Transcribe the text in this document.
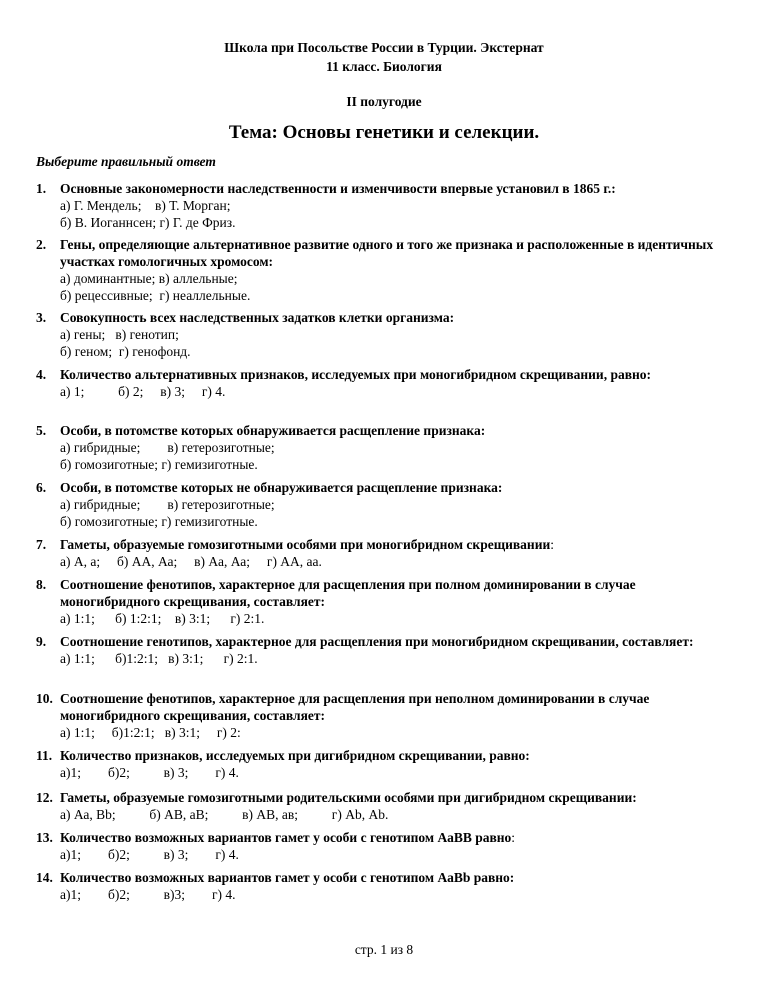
Школа при Посольстве России в Турции. Экстернат
11 класс. Биология
II полугодие
Тема: Основы генетики и селекции.
Выберите правильный ответ
1. Основные закономерности наследственности и изменчивости впервые установил в 1865 г.:
а) Г. Мендель;    в) Т. Морган;
б) В. Иоганнсен; г) Г. де Фриз.
2. Гены, определяющие альтернативное развитие одного и того же признака и расположенные в идентичных участках гомологичных хромосом:
а) доминантные; в) аллельные;
б) рецессивные;  г) неаллельные.
3. Совокупность всех наследственных задатков клетки организма:
а) гены;   в) генотип;
б) геном;  г) генофонд.
4. Количество альтернативных признаков, исследуемых при моногибридном скрещивании, равно:
а) 1;          б) 2;     в) 3;     г) 4.
5. Особи, в потомстве которых обнаруживается расщепление признака:
а) гибридные;        в) гетерозиготные;
б) гомозиготные; г) гемизиготные.
6. Особи, в потомстве которых не обнаруживается расщепление признака:
а) гибридные;        в) гетерозиготные;
б) гомозиготные; г) гемизиготные.
7. Гаметы, образуемые гомозиготными особями при моногибридном скрещивании:
а) А, а;     б) АА, Аа;     в) Аа, Аа;     г) АА, аа.
8. Соотношение фенотипов, характерное для расщепления при полном доминировании в случае моногибридного скрещивания, составляет:
а) 1:1;      б) 1:2:1;    в) 3:1;      г) 2:1.
9. Соотношение генотипов, характерное для расщепления при моногибридном скрещивании, составляет:
а) 1:1;      б)1:2:1;   в) 3:1;      г) 2:1.
10. Соотношение фенотипов, характерное для расщепления при неполном доминировании в случае моногибридного скрещивания, составляет:
а) 1:1;     б)1:2:1;   в) 3:1;     г) 2:
11. Количество признаков, исследуемых при дигибридном скрещивании, равно:
а)1;        б)2;          в) 3;        г) 4.
12. Гаметы, образуемые гомозиготными родительскими особями при дигибридном скрещивании:
а) Аа, Bb;          б) АВ, аВ;          в) АВ, ав;          г) Аb, Аb.
13. Количество возможных вариантов гамет у особи с генотипом АаВВ равно:
а)1;        б)2;          в) 3;        г) 4.
14. Количество возможных вариантов гамет у особи с генотипом АаBb равно:
а)1;        б)2;          в)3;        г) 4.
стр. 1 из 8
